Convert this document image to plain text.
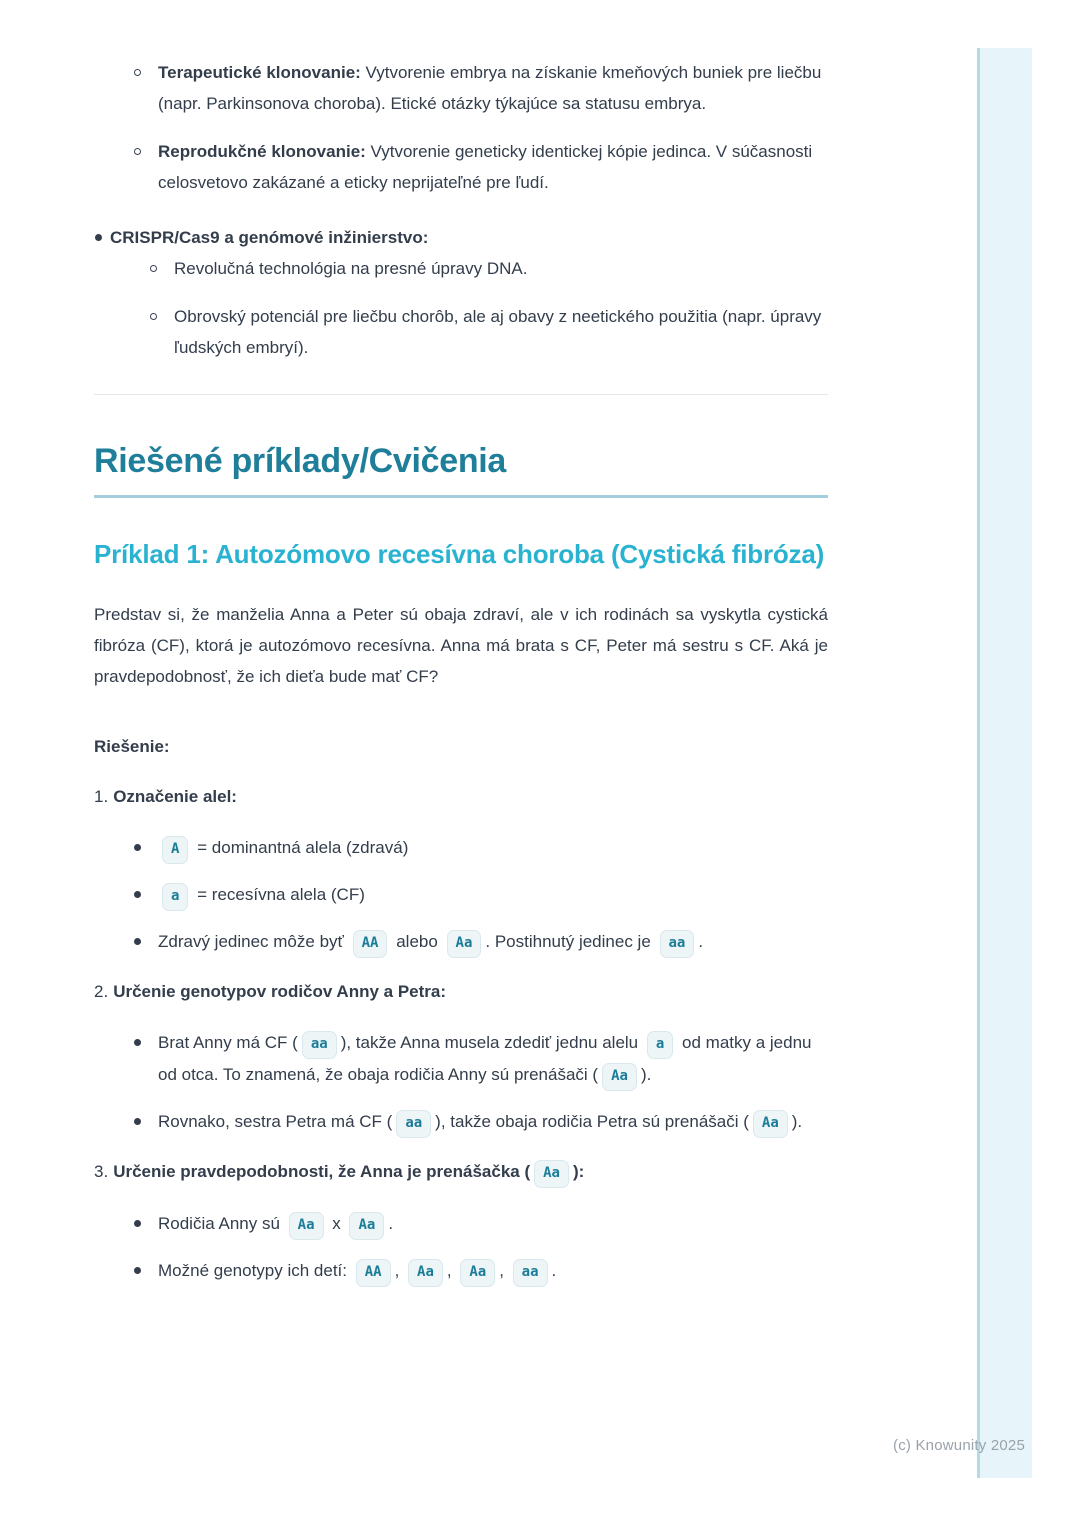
Terapeutické klonovanie: Vytvorenie embrya na získanie kmeňových buniek pre liečbu (napr. Parkinsonova choroba). Etické otázky týkajúce sa statusu embrya.
Reprodukčné klonovanie: Vytvorenie geneticky identickej kópie jedinca. V súčasnosti celosvetovo zakázané a eticky neprijateľné pre ľudí.
CRISPR/Cas9 a genómové inžinierstvo:
Revolučná technológia na presné úpravy DNA.
Obrovský potenciál pre liečbu chorôb, ale aj obavy z neetického použitia (napr. úpravy ľudských embryí).
Riešené príklady/Cvičenia
Príklad 1: Autozómovo recesívna choroba (Cystická fibróza)

Predstav si, že manželia Anna a Peter sú obaja zdraví, ale v ich rodinách sa vyskytla cystická fibróza (CF), ktorá je autozómovo recesívna. Anna má brata s CF, Peter má sestru s CF. Aká je pravdepodobnosť, že ich dieťa bude mať CF?

Riešenie:

1. Označenie alel:

A = dominantná alela (zdravá)
a = recesívna alela (CF)
Zdravý jedinec môže byť AA alebo Aa . Postihnutý jedinec je aa .

2. Určenie genotypov rodičov Anny a Petra:

Brat Anny má CF ( aa ), takže Anna musela zdediť jednu alelu a od matky a jednu od otca. To znamená, že obaja rodičia Anny sú prenášači ( Aa ).
Rovnako, sestra Petra má CF ( aa ), takže obaja rodičia Petra sú prenášači ( Aa ).

3. Určenie pravdepodobnosti, že Anna je prenášačka ( Aa ):

Rodičia Anny sú Aa x Aa .
Možné genotypy ich detí: AA , Aa , Aa , aa .
(c) Knowunity 2025
